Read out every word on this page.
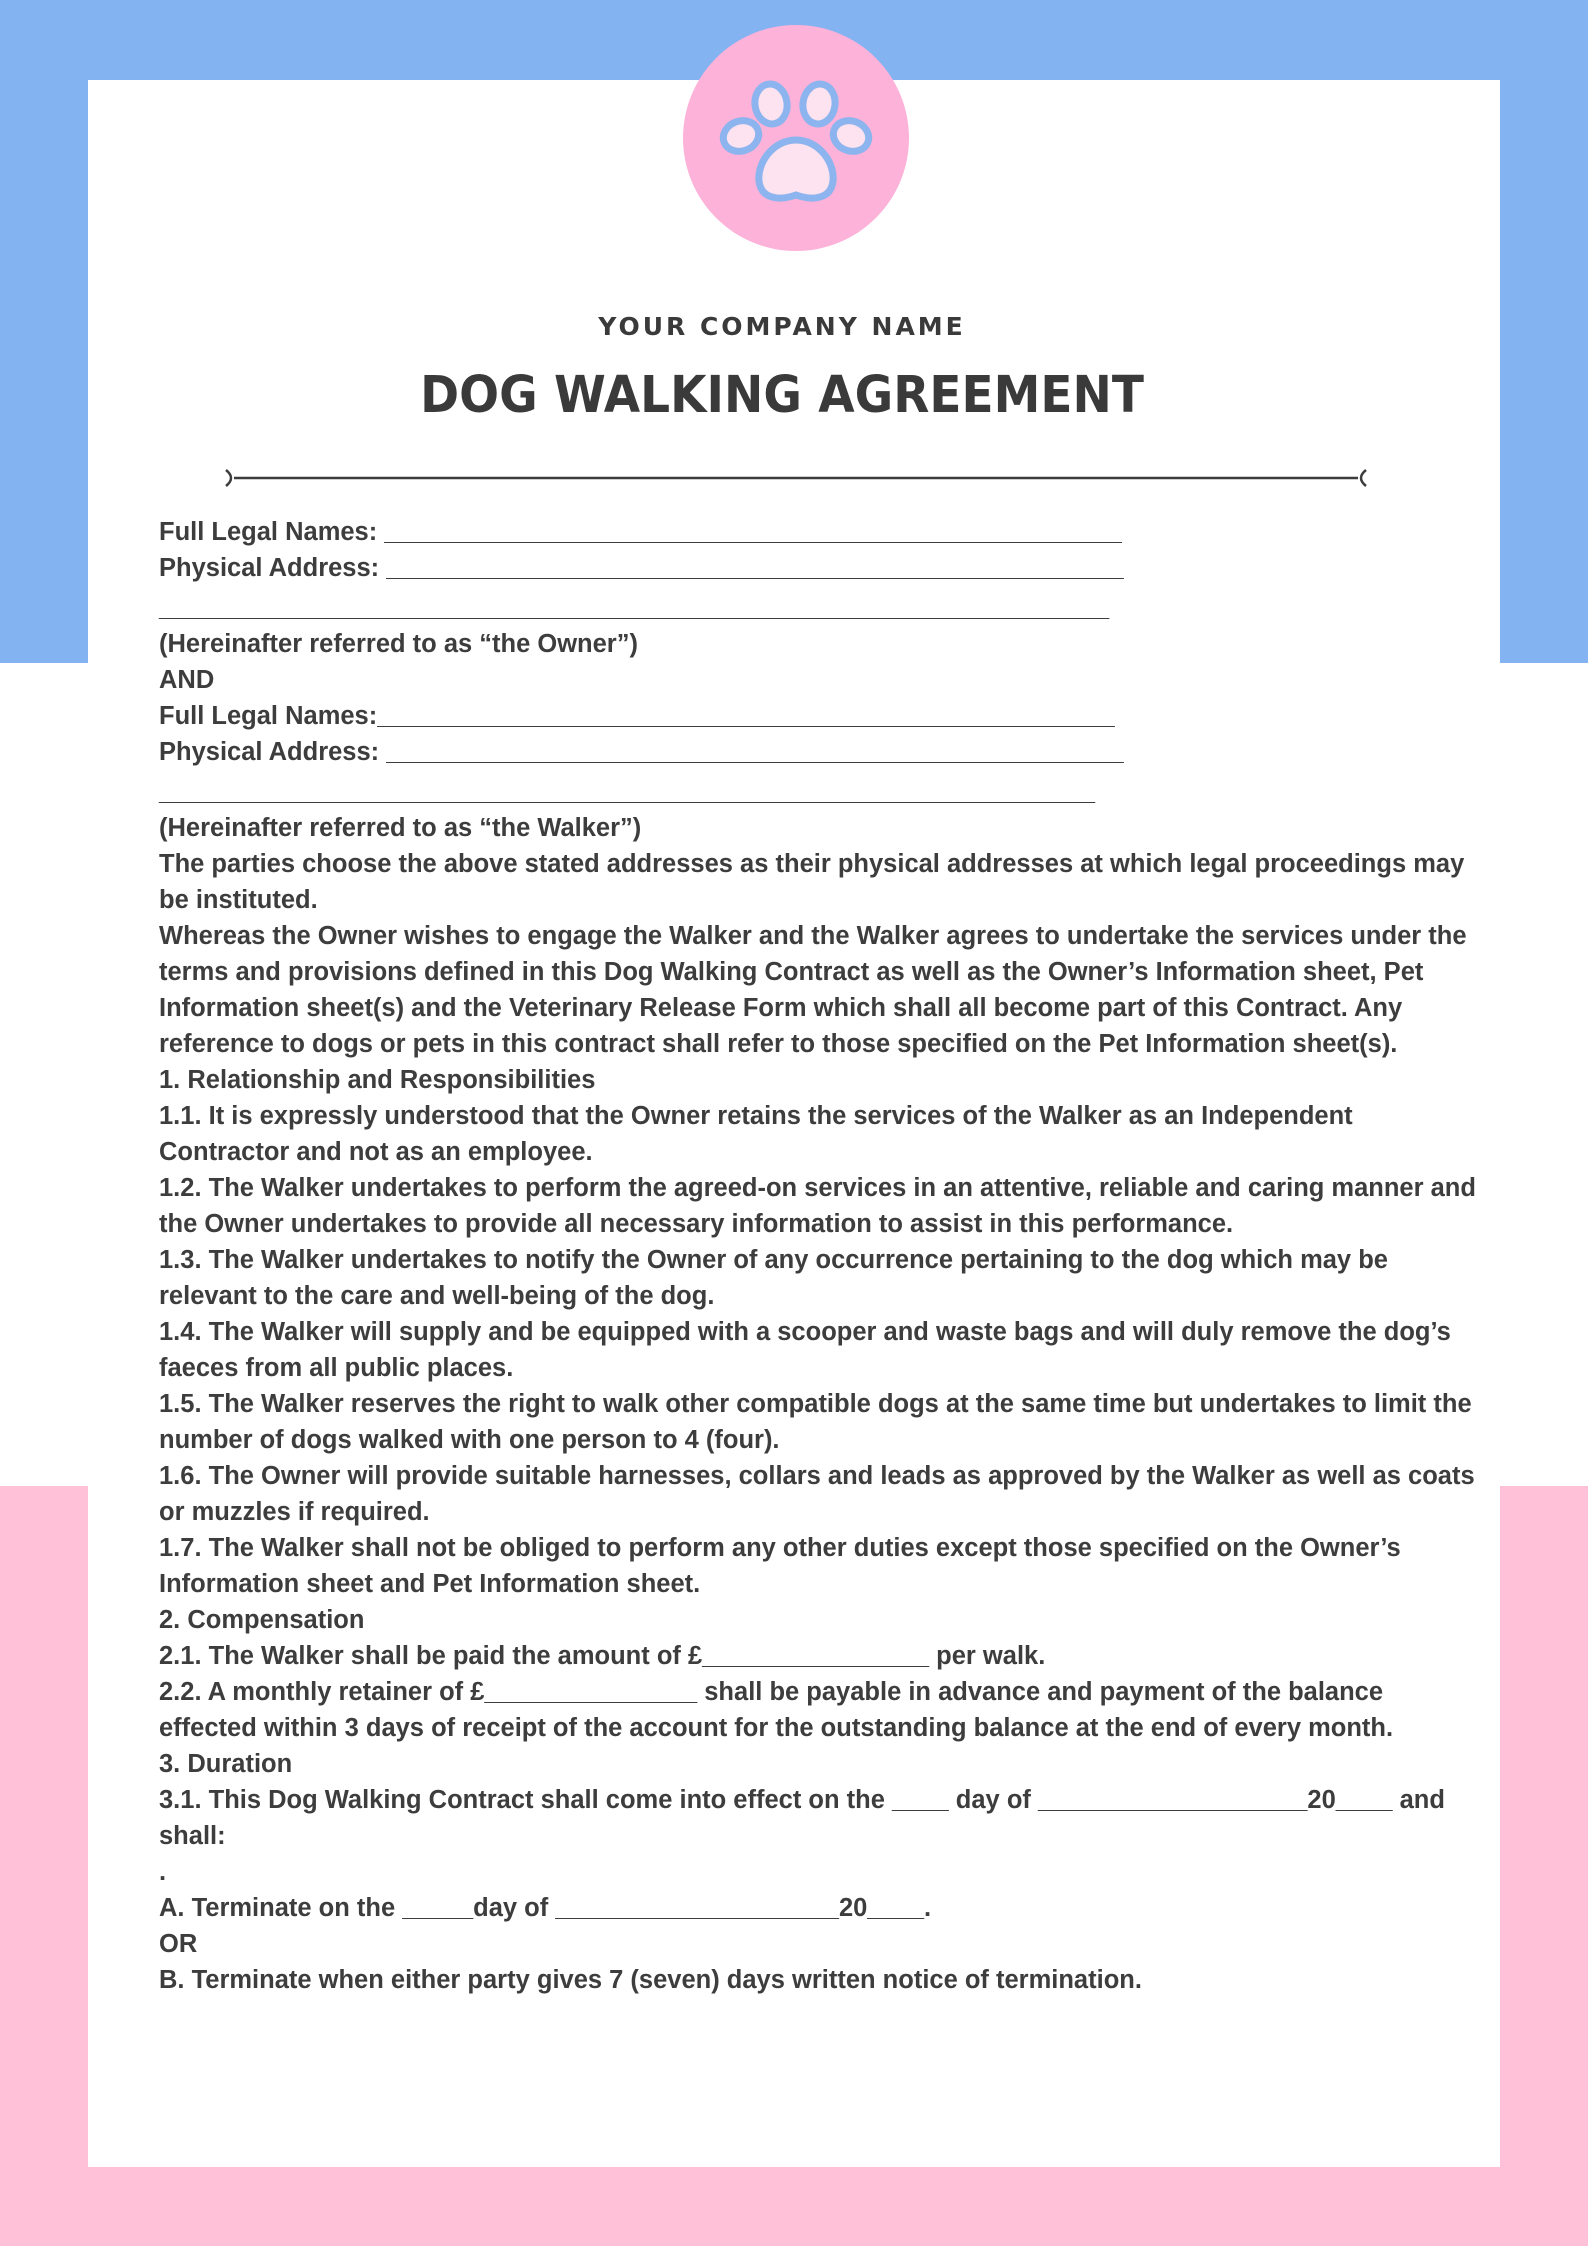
YOUR COMPANY NAME
DOG WALKING AGREEMENT

Full Legal Names: ____________________________________________________

Physical Address: ____________________________________________________

___________________________________________________________________

(Hereinafter referred to as “the Owner”)

AND

Full Legal Names:____________________________________________________

Physical Address: ____________________________________________________

__________________________________________________________________

(Hereinafter referred to as “the Walker”)

The parties choose the above stated addresses as their physical addresses at which legal proceedings may be instituted.

Whereas the Owner wishes to engage the Walker and the Walker agrees to undertake the services under the terms and provisions defined in this Dog Walking Contract as well as the Owner’s Information sheet, Pet Information sheet(s) and the Veterinary Release Form which shall all become part of this Contract. Any reference to dogs or pets in this contract shall refer to those specified on the Pet Information sheet(s).

1. Relationship and Responsibilities

1.1. It is expressly understood that the Owner retains the services of the Walker as an Independent Contractor and not as an employee.

1.2. The Walker undertakes to perform the agreed-on services in an attentive, reliable and caring manner and the Owner undertakes to provide all necessary information to assist in this performance.

1.3. The Walker undertakes to notify the Owner of any occurrence pertaining to the dog which may be relevant to the care and well-being of the dog.

1.4. The Walker will supply and be equipped with a scooper and waste bags and will duly remove the dog’s faeces from all public places.

1.5. The Walker reserves the right to walk other compatible dogs at the same time but undertakes to limit the number of dogs walked with one person to 4 (four).

1.6. The Owner will provide suitable harnesses, collars and leads as approved by the Walker as well as coats or muzzles if required.

1.7. The Walker shall not be obliged to perform any other duties except those specified on the Owner’s Information sheet and Pet Information sheet.

2. Compensation

2.1. The Walker shall be paid the amount of £________________ per walk.

2.2. A monthly retainer of £_______________ shall be payable in advance and payment of the balance effected within 3 days of receipt of the account for the outstanding balance at the end of every month.

3. Duration

3.1. This Dog Walking Contract shall come into effect on the ____ day of ___________________20____ and shall:

.

A. Terminate on the _____day of ____________________20____.

OR

B. Terminate when either party gives 7 (seven) days written notice of termination.
